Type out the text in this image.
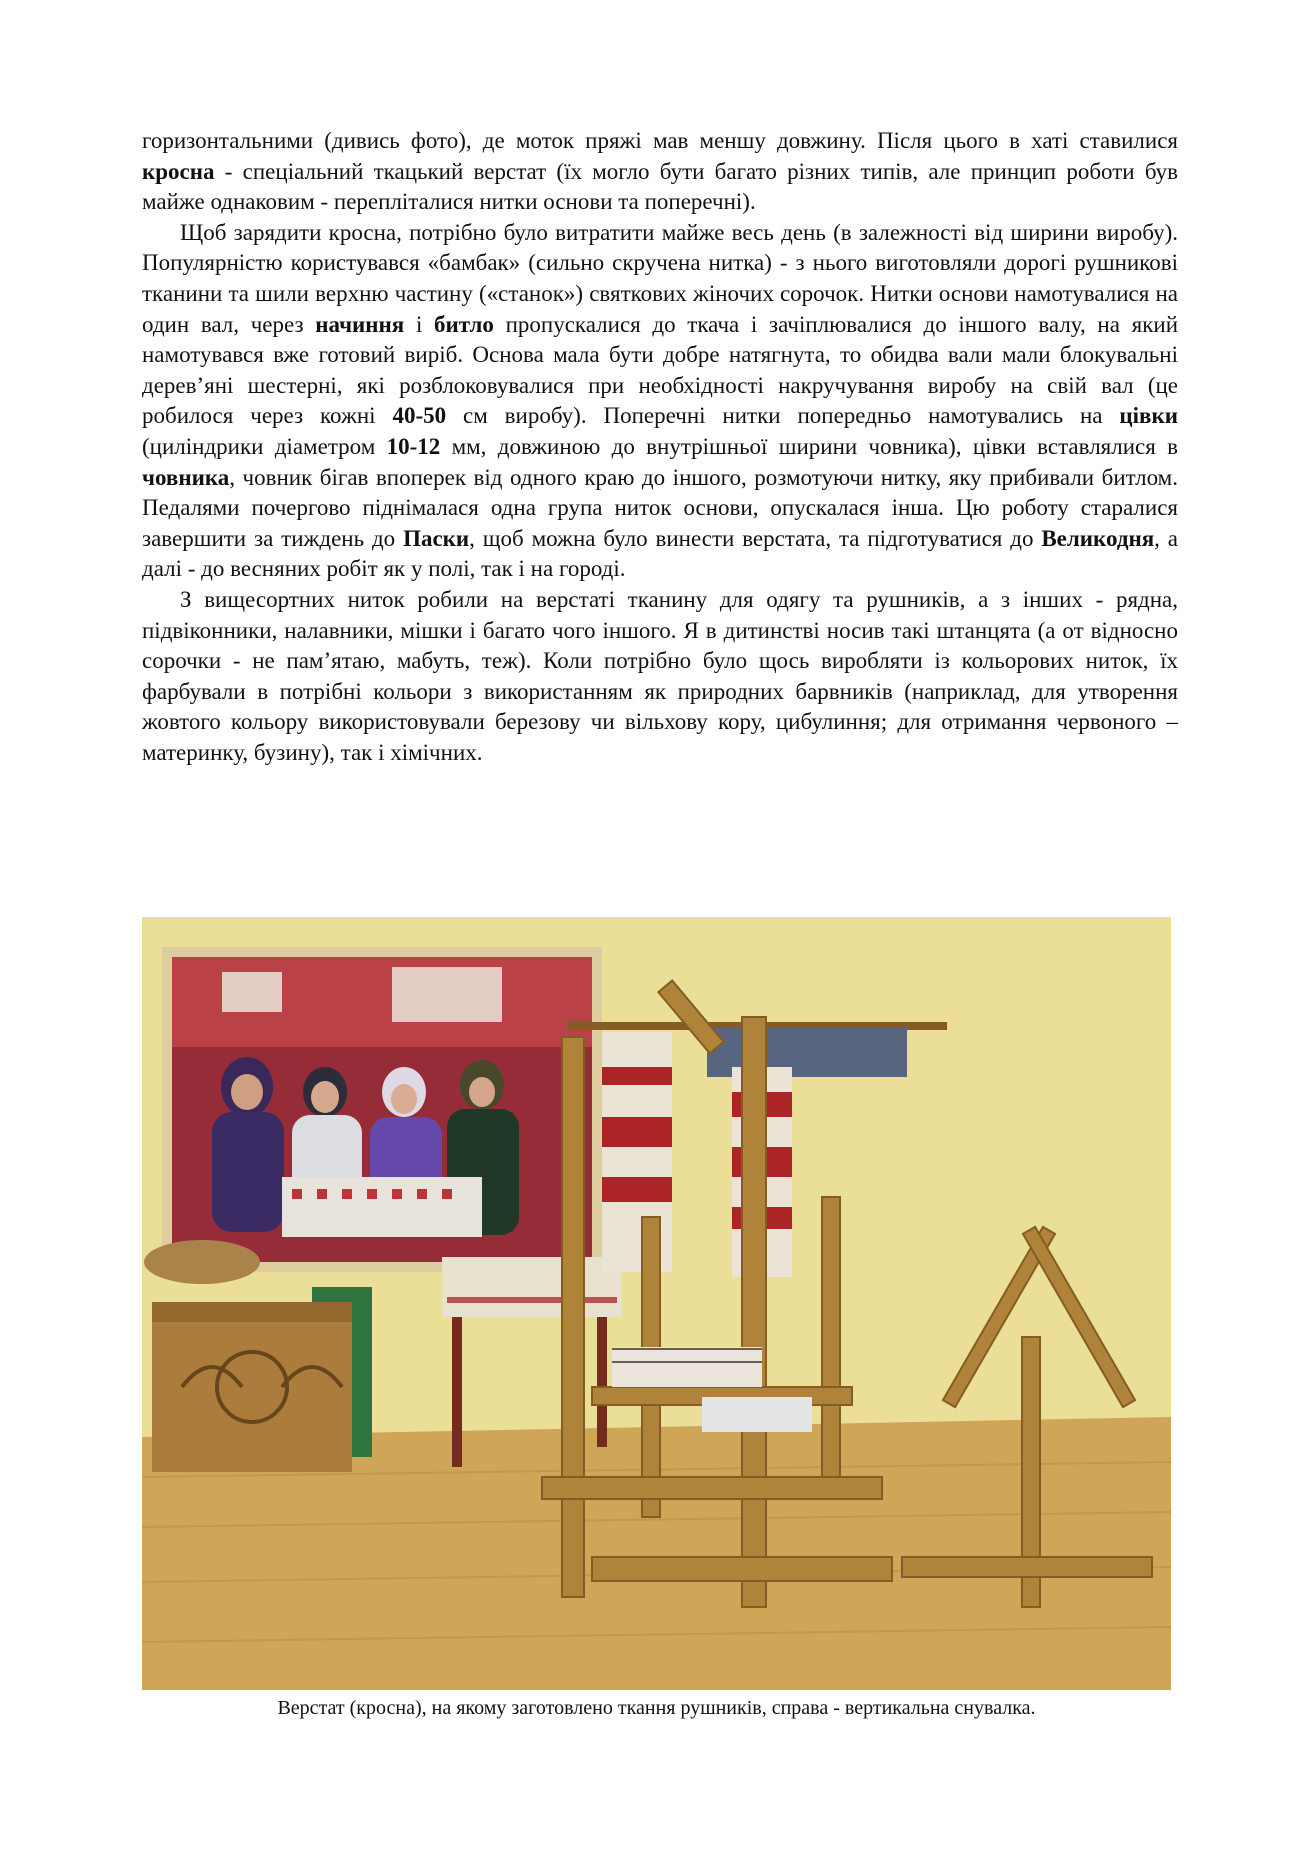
горизонтальними (дивись фото), де моток пряжі мав меншу довжину. Після цього в хаті ставилися кросна - спеціальний ткацький верстат (їх могло бути багато різних типів, але принцип роботи був майже однаковим - переплiталися нитки основи та поперечні).

Щоб зарядити кросна, потрібно було витратити майже весь день (в залежності від ширини виробу). Популярністю користувався «бамбак» (сильно скручена нитка) - з нього виготовляли дорогі рушникові тканини та шили верхню частину («станок») святкових жіночих сорочок. Нитки основи намотувалися на один вал, через начиння і битло пропускалися до ткача і зачіплювалися до іншого валу, на який намотувався вже готовий виріб. Основа мала бути добре натягнута, то обидва вали мали блокувальні дерев’яні шестерні, які розблоковувалися при необхідності накручування виробу на свій вал (це робилося через кожні 40-50 см виробу). Поперечні нитки попередньо намотувались на цівки (циліндрики діаметром 10-12 мм, довжиною до внутрішньої ширини човника), цівки вставлялися в човника, човник бігав впоперек від одного краю до іншого, розмотуючи нитку, яку прибивали битлом. Педалями почергово піднімалася одна група ниток основи, опускалася інша. Цю роботу старалися завершити за тиждень до Паски, щоб можна було винести верстата, та підготуватися до Великодня, а далі - до весняних робіт як у полі, так і на городі.

З вищесортних ниток робили на верстаті тканину для одягу та рушників, а з інших - рядна, підвіконники, налавники, мішки і багато чого іншого. Я в дитинстві носив такі штанцята (а от відносно сорочки - не пам’ятаю, мабуть, теж). Коли потрібно було щось виробляти із кольорових ниток, їх фарбували в потрібні кольори з використанням як природних барвників (наприклад, для утворення жовтого кольору використовували березову чи вільхову кору, цибулиння; для отримання червоного – материнку, бузину), так і хімічних.

Верстат (кросна), на якому заготовлено ткання рушників, справа - вертикальна снувалка.
